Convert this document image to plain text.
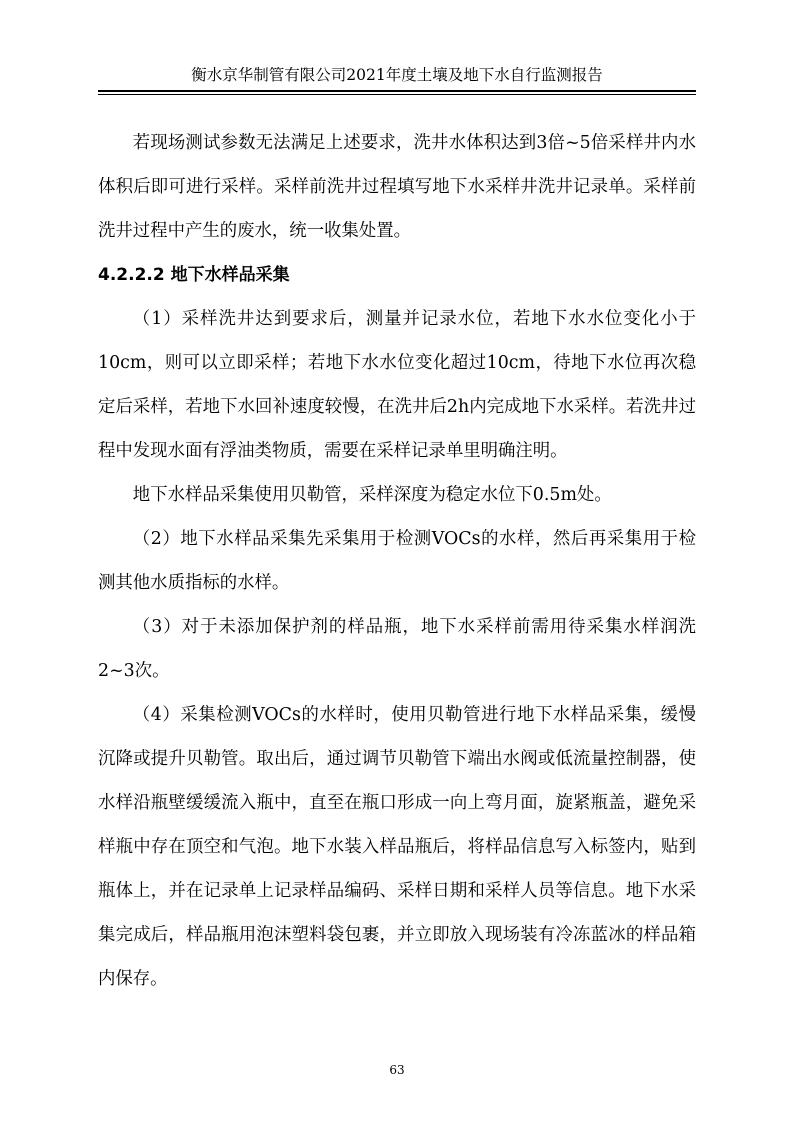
衡水京华制管有限公司2021年度土壤及地下水自行监测报告

若现场测试参数无法满足上述要求，洗井水体积达到3倍~5倍采样井内水体积后即可进行采样。采样前洗井过程填写地下水采样井洗井记录单。采样前洗井过程中产生的废水，统一收集处置。

4.2.2.2 地下水样品采集

（1）采样洗井达到要求后，测量并记录水位，若地下水水位变化小于10cm，则可以立即采样；若地下水水位变化超过10cm，待地下水位再次稳定后采样，若地下水回补速度较慢，在洗井后2h内完成地下水采样。若洗井过程中发现水面有浮油类物质，需要在采样记录单里明确注明。

地下水样品采集使用贝勒管，采样深度为稳定水位下0.5m处。

（2）地下水样品采集先采集用于检测VOCs的水样，然后再采集用于检测其他水质指标的水样。

（3）对于未添加保护剂的样品瓶，地下水采样前需用待采集水样润洗2~3次。

（4）采集检测VOCs的水样时，使用贝勒管进行地下水样品采集，缓慢沉降或提升贝勒管。取出后，通过调节贝勒管下端出水阀或低流量控制器，使水样沿瓶壁缓缓流入瓶中，直至在瓶口形成一向上弯月面，旋紧瓶盖，避免采样瓶中存在顶空和气泡。地下水装入样品瓶后，将样品信息写入标签内，贴到瓶体上，并在记录单上记录样品编码、采样日期和采样人员等信息。地下水采集完成后，样品瓶用泡沫塑料袋包裹，并立即放入现场装有冷冻蓝冰的样品箱内保存。

63
